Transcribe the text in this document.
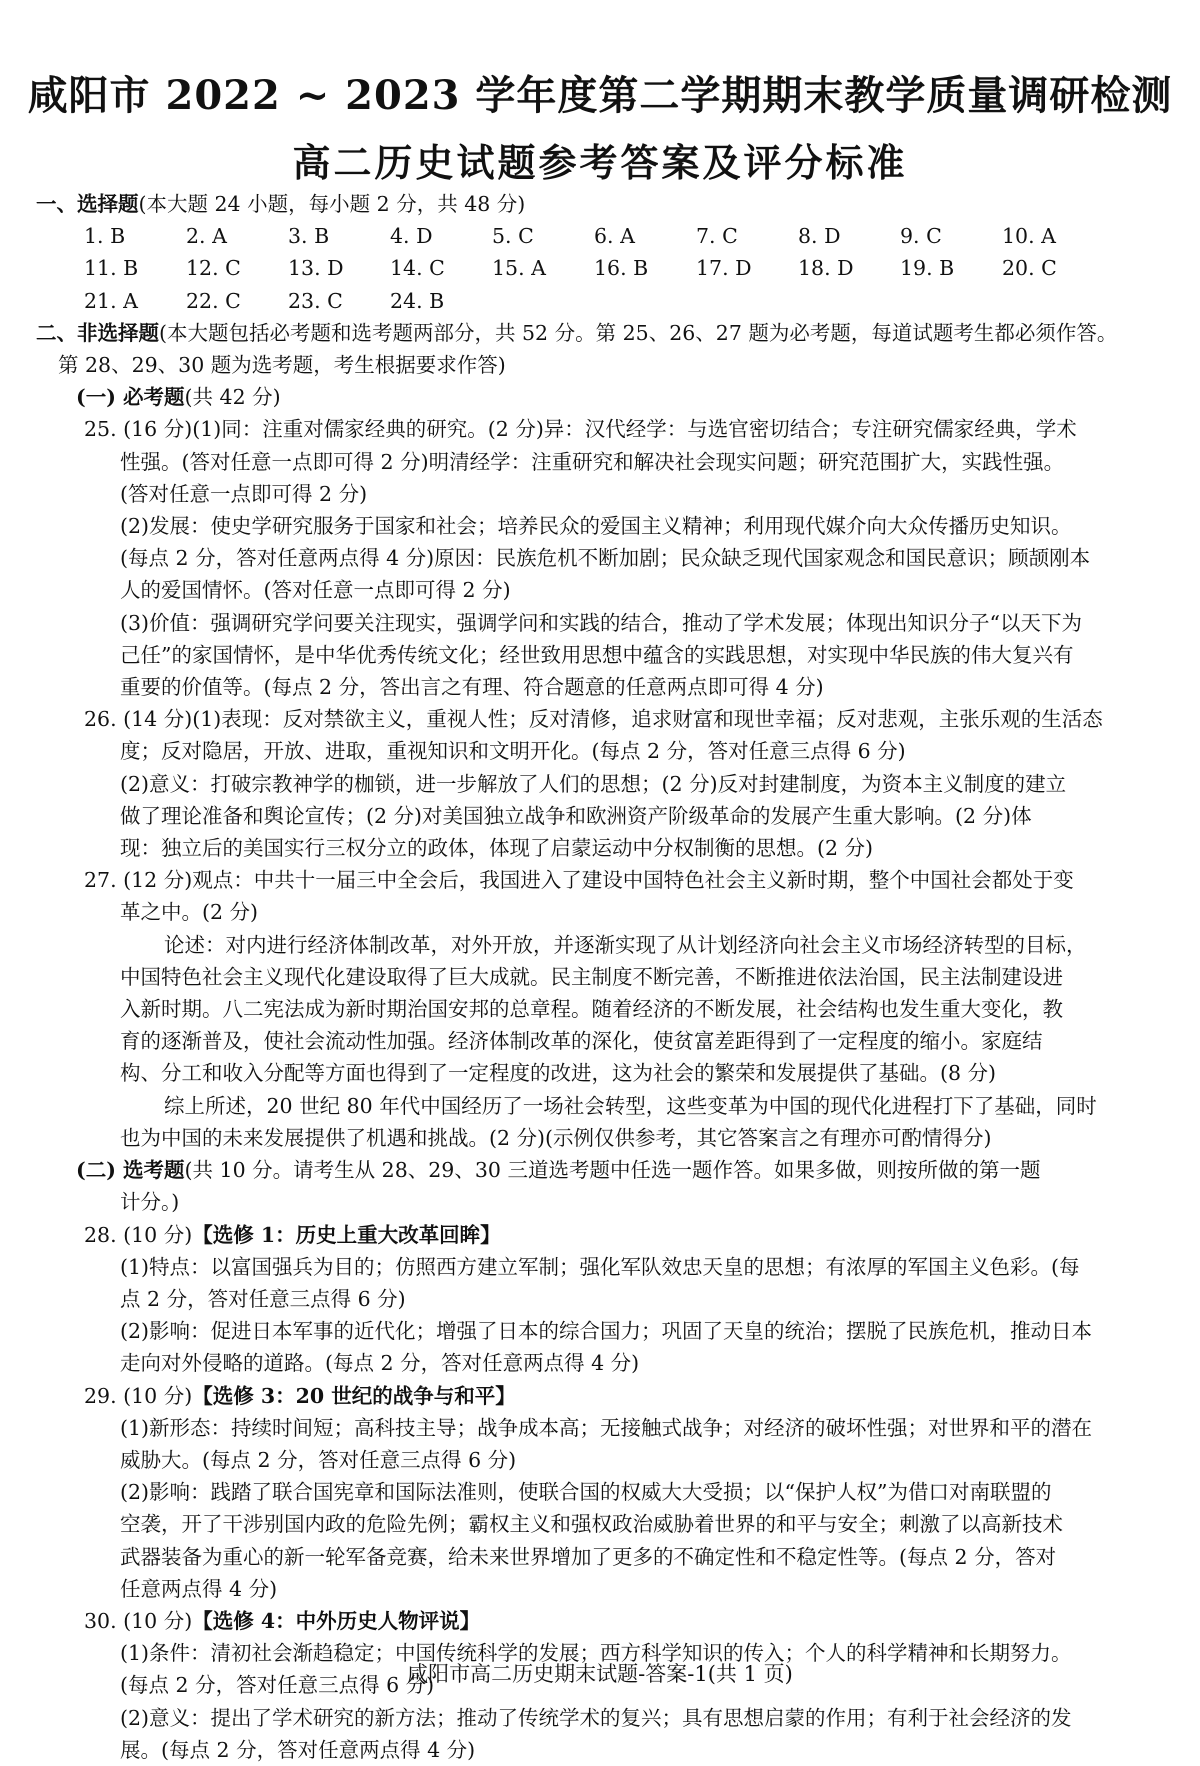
咸阳市 2022 ~ 2023 学年度第二学期期末教学质量调研检测
高二历史试题参考答案及评分标准

一、选择题(本大题 24 小题，每小题 2 分，共 48 分)

1. B	2. A	3. B	4. D	5. C	6. A	7. C	8. D	9. C	10. A
11. B	12. C	13. D	14. C	15. A	16. B	17. D	18. D	19. B	20. C
21. A	22. C	23. C	24. B

二、非选择题(本大题包括必考题和选考题两部分，共 52 分。第 25、26、27 题为必考题，每道试题考生都必须作答。

第 28、29、30 题为选考题，考生根据要求作答)

(一) 必考题(共 42 分)

25. (16 分)(1)同：注重对儒家经典的研究。(2 分)异：汉代经学：与选官密切结合；专注研究儒家经典，学术

性强。(答对任意一点即可得 2 分)明清经学：注重研究和解决社会现实问题；研究范围扩大，实践性强。

(答对任意一点即可得 2 分)

(2)发展：使史学研究服务于国家和社会；培养民众的爱国主义精神；利用现代媒介向大众传播历史知识。

(每点 2 分，答对任意两点得 4 分)原因：民族危机不断加剧；民众缺乏现代国家观念和国民意识；顾颉刚本

人的爱国情怀。(答对任意一点即可得 2 分)

(3)价值：强调研究学问要关注现实，强调学问和实践的结合，推动了学术发展；体现出知识分子“以天下为

己任”的家国情怀，是中华优秀传统文化；经世致用思想中蕴含的实践思想，对实现中华民族的伟大复兴有

重要的价值等。(每点 2 分，答出言之有理、符合题意的任意两点即可得 4 分)

26. (14 分)(1)表现：反对禁欲主义，重视人性；反对清修，追求财富和现世幸福；反对悲观，主张乐观的生活态

度；反对隐居，开放、进取，重视知识和文明开化。(每点 2 分，答对任意三点得 6 分)

(2)意义：打破宗教神学的枷锁，进一步解放了人们的思想；(2 分)反对封建制度，为资本主义制度的建立

做了理论准备和舆论宣传；(2 分)对美国独立战争和欧洲资产阶级革命的发展产生重大影响。(2 分)体

现：独立后的美国实行三权分立的政体，体现了启蒙运动中分权制衡的思想。(2 分)

27. (12 分)观点：中共十一届三中全会后，我国进入了建设中国特色社会主义新时期，整个中国社会都处于变

革之中。(2 分)

论述：对内进行经济体制改革，对外开放，并逐渐实现了从计划经济向社会主义市场经济转型的目标，

中国特色社会主义现代化建设取得了巨大成就。民主制度不断完善，不断推进依法治国，民主法制建设进

入新时期。八二宪法成为新时期治国安邦的总章程。随着经济的不断发展，社会结构也发生重大变化，教

育的逐渐普及，使社会流动性加强。经济体制改革的深化，使贫富差距得到了一定程度的缩小。家庭结

构、分工和收入分配等方面也得到了一定程度的改进，这为社会的繁荣和发展提供了基础。(8 分)

综上所述，20 世纪 80 年代中国经历了一场社会转型，这些变革为中国的现代化进程打下了基础，同时

也为中国的未来发展提供了机遇和挑战。(2 分)(示例仅供参考，其它答案言之有理亦可酌情得分)

(二) 选考题(共 10 分。请考生从 28、29、30 三道选考题中任选一题作答。如果多做，则按所做的第一题

计分。)

28. (10 分)【选修 1：历史上重大改革回眸】

(1)特点：以富国强兵为目的；仿照西方建立军制；强化军队效忠天皇的思想；有浓厚的军国主义色彩。(每

点 2 分，答对任意三点得 6 分)

(2)影响：促进日本军事的近代化；增强了日本的综合国力；巩固了天皇的统治；摆脱了民族危机，推动日本

走向对外侵略的道路。(每点 2 分，答对任意两点得 4 分)

29. (10 分)【选修 3：20 世纪的战争与和平】

(1)新形态：持续时间短；高科技主导；战争成本高；无接触式战争；对经济的破坏性强；对世界和平的潜在

威胁大。(每点 2 分，答对任意三点得 6 分)

(2)影响：践踏了联合国宪章和国际法准则，使联合国的权威大大受损；以“保护人权”为借口对南联盟的

空袭，开了干涉别国内政的危险先例；霸权主义和强权政治威胁着世界的和平与安全；刺激了以高新技术

武器装备为重心的新一轮军备竞赛，给未来世界增加了更多的不确定性和不稳定性等。(每点 2 分，答对

任意两点得 4 分)

30. (10 分)【选修 4：中外历史人物评说】

(1)条件：清初社会渐趋稳定；中国传统科学的发展；西方科学知识的传入；个人的科学精神和长期努力。

(每点 2 分，答对任意三点得 6 分)

(2)意义：提出了学术研究的新方法；推动了传统学术的复兴；具有思想启蒙的作用；有利于社会经济的发

展。(每点 2 分，答对任意两点得 4 分)

咸阳市高二历史期末试题-答案-1(共 1 页)
